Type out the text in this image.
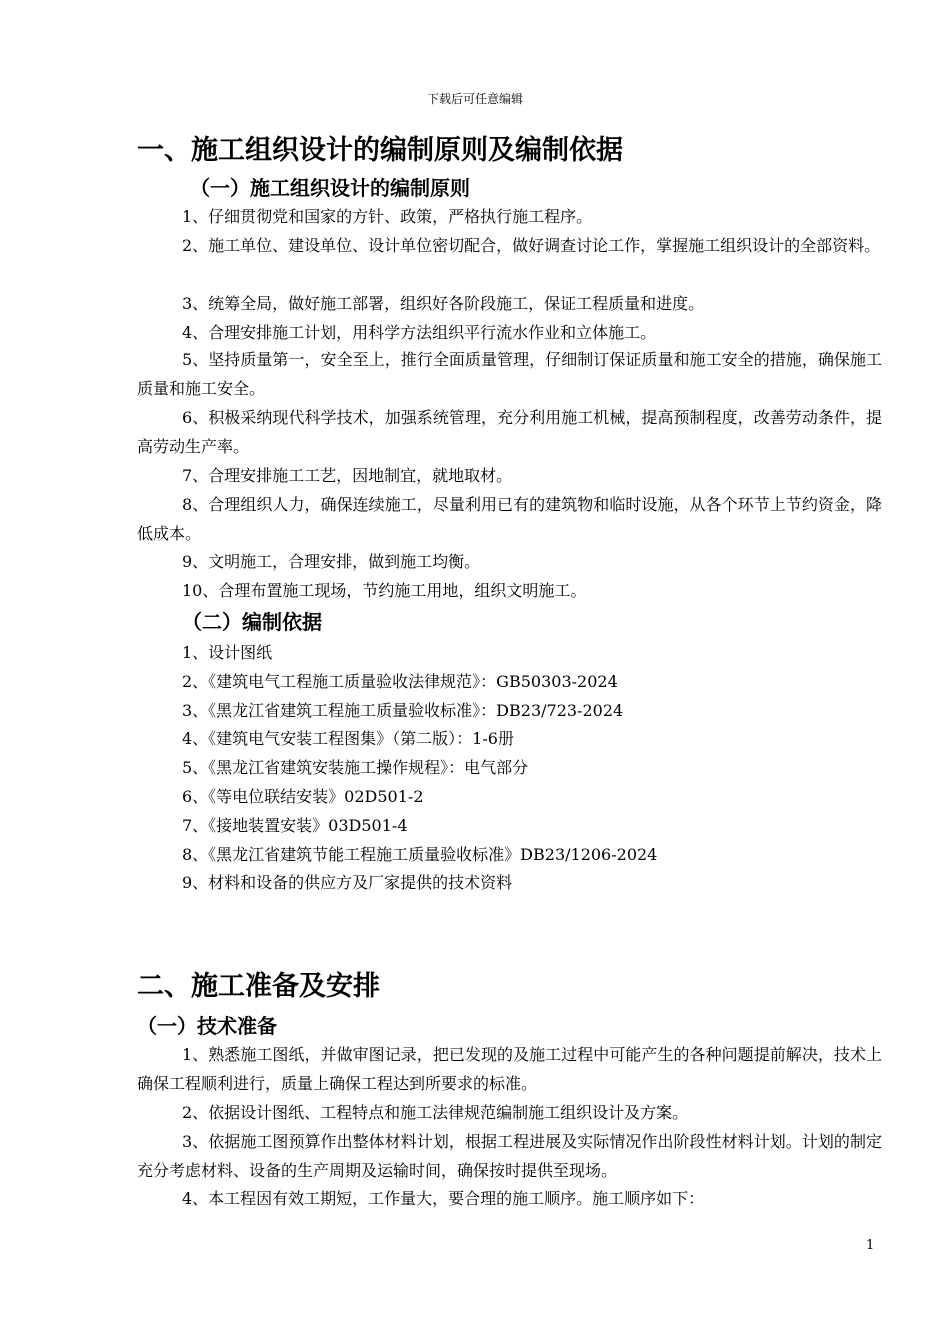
下载后可任意编辑
一、施工组织设计的编制原则及编制依据
（一）施工组织设计的编制原则
1、仔细贯彻党和国家的方针、政策，严格执行施工程序。
2、施工单位、建设单位、设计单位密切配合，做好调查讨论工作，掌握施工组织设计的全部资料。
3、统筹全局，做好施工部署，组织好各阶段施工，保证工程质量和进度。
4、合理安排施工计划，用科学方法组织平行流水作业和立体施工。
5、坚持质量第一，安全至上，推行全面质量管理，仔细制订保证质量和施工安全的措施，确保施工质量和施工安全。
6、积极采纳现代科学技术，加强系统管理，充分利用施工机械，提高预制程度，改善劳动条件，提高劳动生产率。
7、合理安排施工工艺，因地制宜，就地取材。
8、合理组织人力，确保连续施工，尽量利用已有的建筑物和临时设施，从各个环节上节约资金，降低成本。
9、文明施工，合理安排，做到施工均衡。
10、合理布置施工现场，节约施工用地，组织文明施工。
（二）编制依据
1、设计图纸
2、《建筑电气工程施工质量验收法律规范》：GB50303-2024
3、《黑龙江省建筑工程施工质量验收标准》：DB23/723-2024
4、《建筑电气安装工程图集》（第二版）：1-6册
5、《黑龙江省建筑安装施工操作规程》：电气部分
6、《等电位联结安装》02D501-2
7、《接地装置安装》03D501-4
8、《黑龙江省建筑节能工程施工质量验收标准》DB23/1206-2024
9、材料和设备的供应方及厂家提供的技术资料
二、施工准备及安排
（一）技术准备
1、熟悉施工图纸，并做审图记录，把已发现的及施工过程中可能产生的各种问题提前解决，技术上确保工程顺利进行，质量上确保工程达到所要求的标准。
2、依据设计图纸、工程特点和施工法律规范编制施工组织设计及方案。
3、依据施工图预算作出整体材料计划，根据工程进展及实际情况作出阶段性材料计划。计划的制定充分考虑材料、设备的生产周期及运输时间，确保按时提供至现场。
4、本工程因有效工期短，工作量大，要合理的施工顺序。施工顺序如下：
1
